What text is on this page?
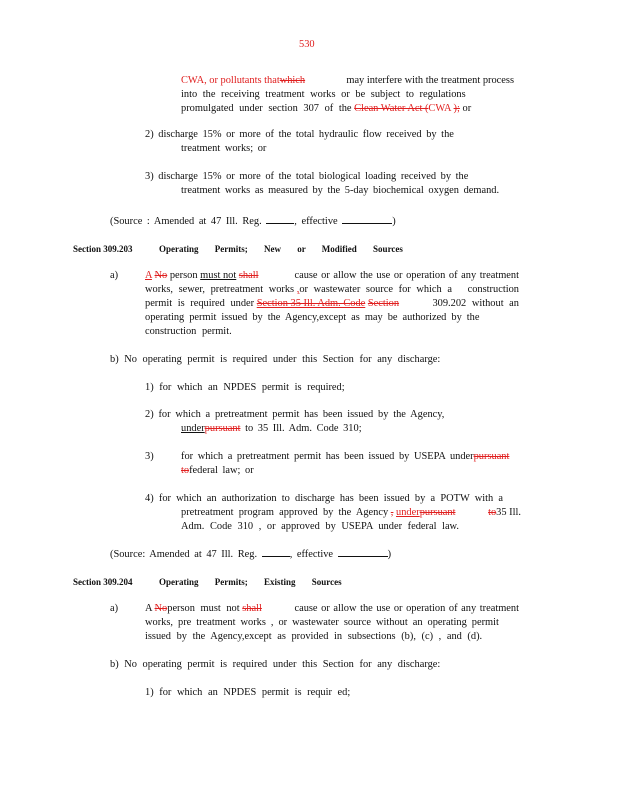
530
CWA, or pollutants thatwhich	may interfere with the treatment process
into the receiving treatment works or be subject to regulations
promulgated under section 307 of the Clean Water Act (CWA ); or
2) discharge 15% or more of the total hydraulic flow received by the
treatment works; or
3) discharge 15% or more of the total biological loading received by the
treatment works as measured by the 5-day biochemical oxygen demand.
(Source : Amended at 47 Ill. Reg.	, effective	)
Section 309.203	Operating Permits; New or Modified Sources
a)	A No person must not shall	cause or allow the use or operation of any treatment
works, sewer, pretreatment works ,or wastewater source for which a construction
permit is required under Section 35 Ill. Adm. Code Section	309.202 without an
operating permit issued by the Agency,except as may be authorized by the
construction permit.
b) No operating permit is required under this Section for any discharge:
1) for which an NPDES permit is required;
2) for which a pretreatment permit has been issued by the Agency,
underpursuant to 35 Ill. Adm. Code 310;
3)	for which a pretreatment permit has been issued by USEPA underpursuant
tofederal law; or
4) for which an authorization to discharge has been issued by a POTW with a
pretreatment program approved by the Agency , underpursuant	to35 Ill.
Adm. Code 310 , or approved by USEPA under federal law.
(Source: Amended at 47 Ill. Reg.	, effective	)
Section 309.204	Operating Permits; Existing Sources
a)	A Noperson must not shall	cause or allow the use or operation of any treatment
works, pre treatment works , or wastewater source without an operating permit
issued by the Agency,except as provided in subsections (b), (c) , and (d).
b) No operating permit is required under this Section for any discharge:
1) for which an NPDES permit is requir ed;
